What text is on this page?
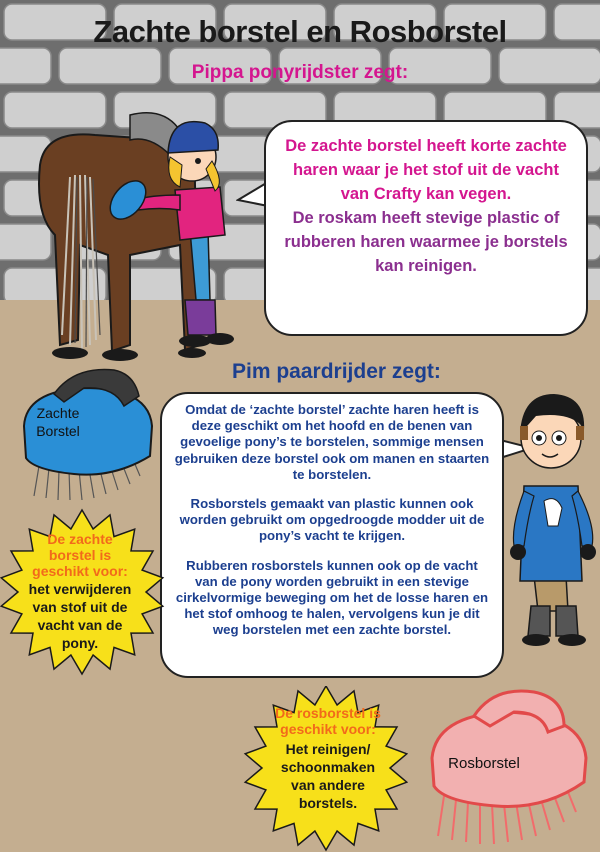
Zachte borstel en Rosborstel
Pippa ponyrijdster zegt:
De zachte borstel heeft korte zachte haren waar je het stof uit de vacht van Crafty kan vegen.
De roskam heeft stevige plastic of rubberen haren waarmee je borstels kan reinigen.
Pim paardrijder zegt:
Zachte
Borstel

Omdat de ‘zachte borstel’ zachte haren heeft is deze geschikt om het hoofd en de benen van gevoelige pony’s te borstelen, sommige mensen gebruiken deze borstel ook om manen en staarten te borstelen.

Rosborstels gemaakt van plastic kunnen ook worden gebruikt om opgedroogde modder uit de pony’s vacht te krijgen.

Rubberen rosborstels kunnen ook op de vacht van de pony worden gebruikt in een stevige cirkelvormige beweging om het de losse haren en het stof omhoog te halen, vervolgens kun je dit weg borstelen met een zachte borstel.

De zachte
borstel is
geschikt voor:
het verwijderen
van stof uit de
vacht van de
pony.
De rosborstel is
geschikt voor:
Het reinigen/
schoonmaken
van andere
borstels.
Rosborstel
